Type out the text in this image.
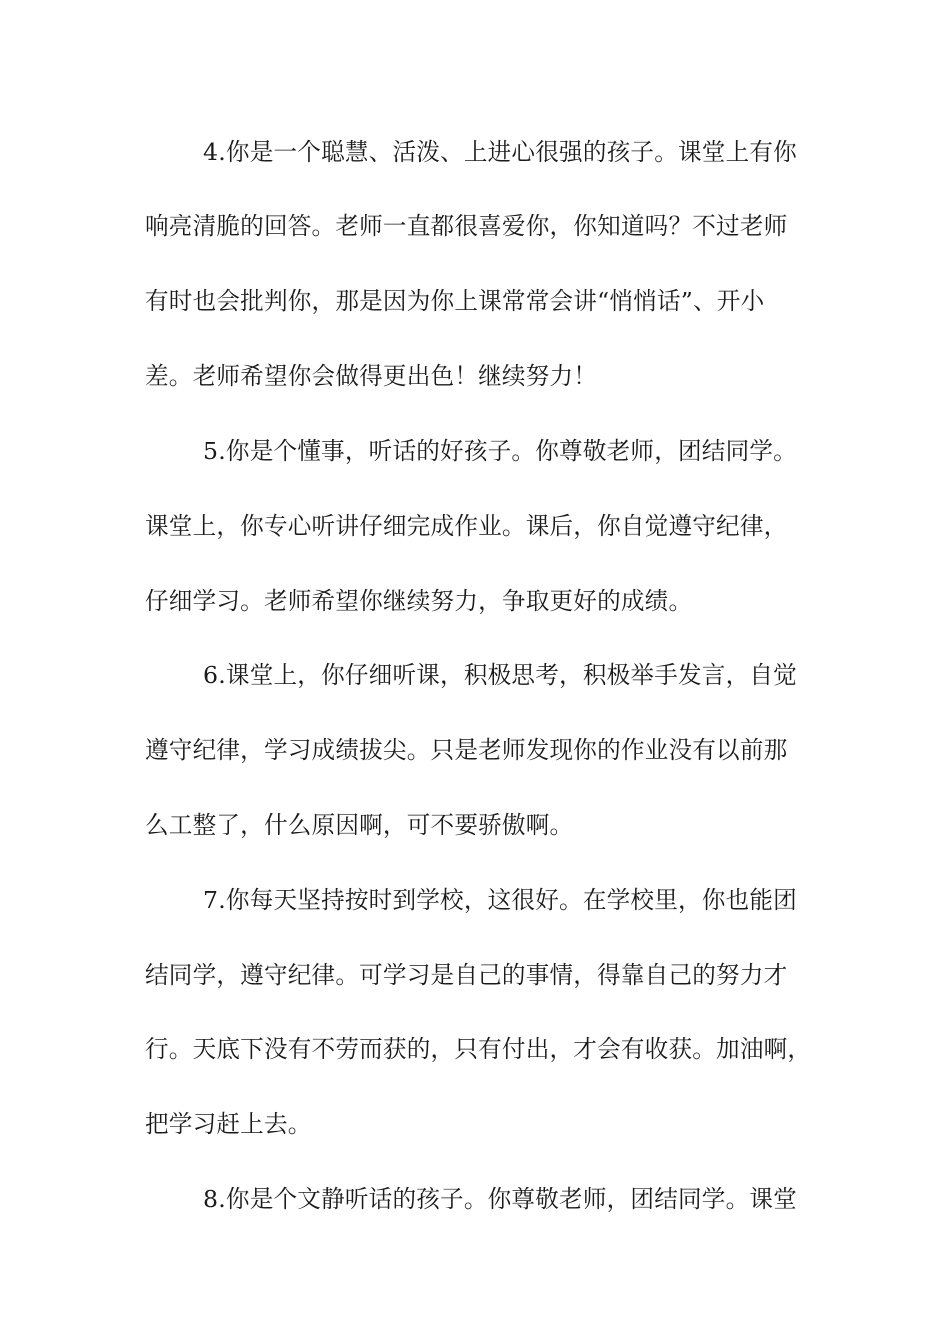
4.你是一个聪慧、活泼、上进心很强的孩子。课堂上有你
响亮清脆的回答。老师一直都很喜爱你，你知道吗？不过老师
有时也会批判你，那是因为你上课常常会讲“悄悄话”、开小
差。老师希望你会做得更出色！继续努力！
5.你是个懂事，听话的好孩子。你尊敬老师，团结同学。
课堂上，你专心听讲仔细完成作业。课后，你自觉遵守纪律，
仔细学习。老师希望你继续努力，争取更好的成绩。
6.课堂上，你仔细听课，积极思考，积极举手发言，自觉
遵守纪律，学习成绩拔尖。只是老师发现你的作业没有以前那
么工整了，什么原因啊，可不要骄傲啊。
7.你每天坚持按时到学校，这很好。在学校里，你也能团
结同学，遵守纪律。可学习是自己的事情，得靠自己的努力才
行。天底下没有不劳而获的，只有付出，才会有收获。加油啊，
把学习赶上去。
8.你是个文静听话的孩子。你尊敬老师，团结同学。课堂
